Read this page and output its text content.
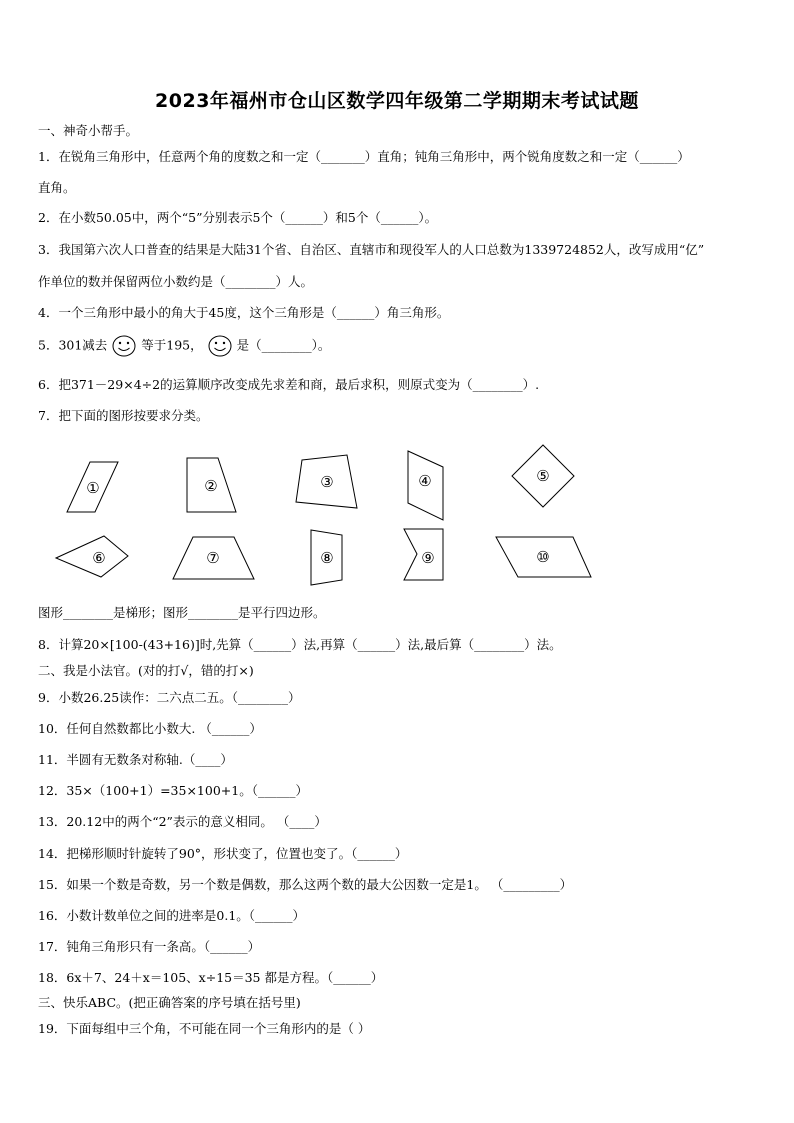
2023年福州市仓山区数学四年级第二学期期末考试试题
一、神奇小帮手。
1．在锐角三角形中，任意两个角的度数之和一定（_______）直角；钝角三角形中，两个锐角度数之和一定（______）
直角。
2．在小数50.05中，两个“5”分别表示5个（______）和5个（______）。
3．我国第六次人口普查的结果是大陆31个省、自治区、直辖市和现役军人的人口总数为1339724852人，改写成用“亿”
作单位的数并保留两位小数约是（________）人。
4．一个三角形中最小的角大于45度，这个三角形是（______）角三角形。
5．301减去	等于195，	是（________）。
6．把371－29×4÷2的运算顺序改变成先求差和商，最后求积，则原式变为（________）.
7．把下面的图形按要求分类。
①	②	③	④	⑤
⑥	⑦	⑧	⑨	⑩
图形________是梯形；图形________是平行四边形。
8．计算20×[100-(43+16)]时,先算（______）法,再算（______）法,最后算（________）法。
二、我是小法官。(对的打√，错的打×)
9．小数26.25读作：二六点二五。（________）
10．任何自然数都比小数大. （______）
11．半圆有无数条对称轴.（____）
12．35×（100+1）=35×100+1。（______）
13．20.12中的两个“2”表示的意义相同。 （____）
14．把梯形顺时针旋转了90°，形状变了，位置也变了。（______）
15．如果一个数是奇数，另一个数是偶数，那么这两个数的最大公因数一定是1。 （_________）
16．小数计数单位之间的进率是0.1。（______）
17．钝角三角形只有一条高。（______）
18．6x＋7、24＋x＝105、x÷15＝35 都是方程。（______）
三、快乐ABC。(把正确答案的序号填在括号里)
19．下面每组中三个角，不可能在同一个三角形内的是（ ）
